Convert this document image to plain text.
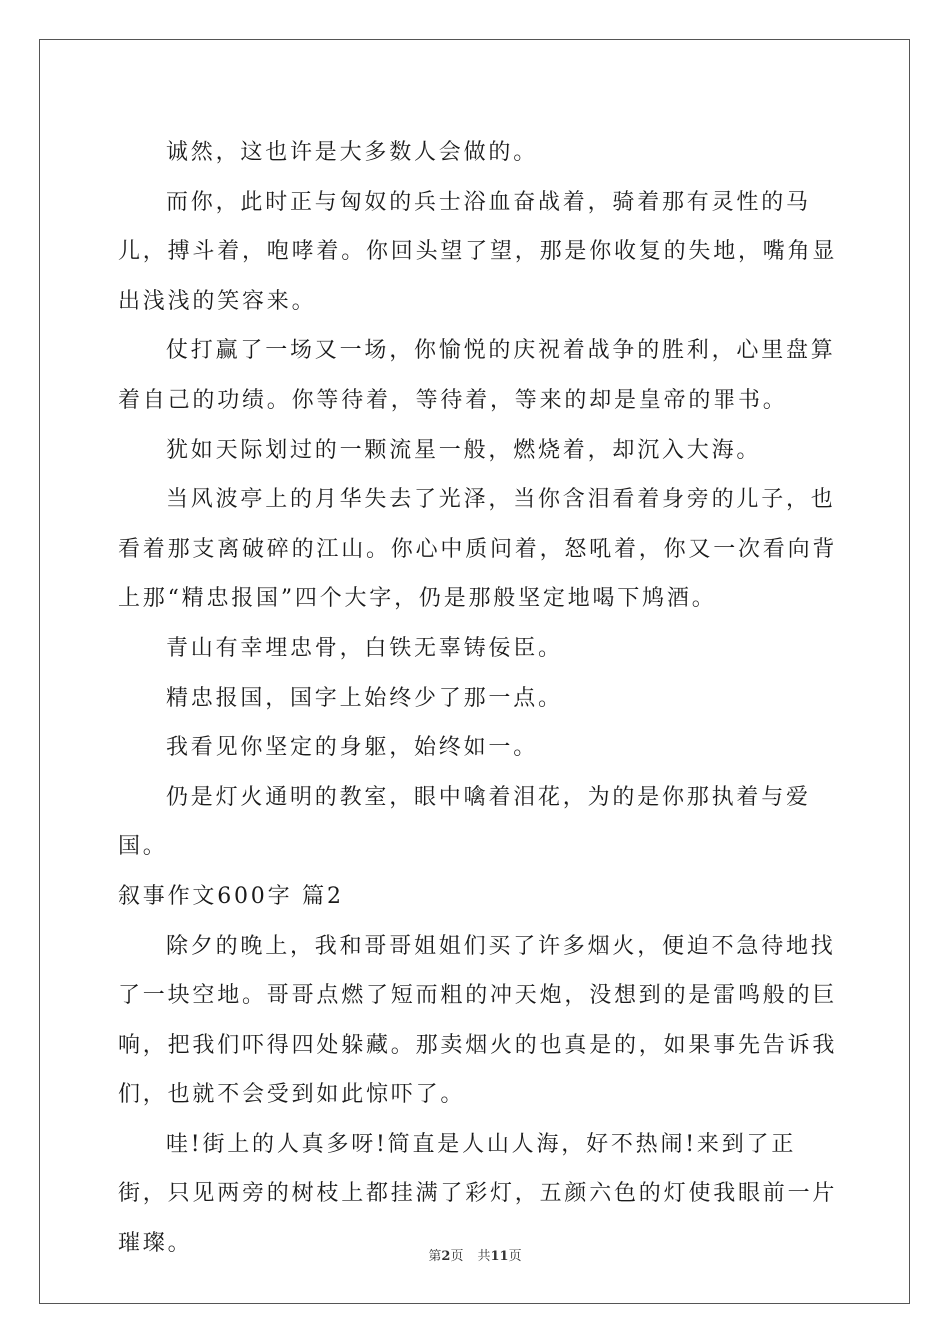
诚然，这也许是大多数人会做的。

而你，此时正与匈奴的兵士浴血奋战着，骑着那有灵性的马儿，搏斗着，咆哮着。你回头望了望，那是你收复的失地，嘴角显出浅浅的笑容来。

仗打赢了一场又一场，你愉悦的庆祝着战争的胜利，心里盘算着自己的功绩。你等待着，等待着，等来的却是皇帝的罪书。

犹如天际划过的一颗流星一般，燃烧着，却沉入大海。

当风波亭上的月华失去了光泽，当你含泪看着身旁的儿子，也看着那支离破碎的江山。你心中质问着，怒吼着，你又一次看向背上那“精忠报国”四个大字，仍是那般坚定地喝下鸠酒。

青山有幸埋忠骨，白铁无辜铸佞臣。

精忠报国，国字上始终少了那一点。

我看见你坚定的身躯，始终如一。

仍是灯火通明的教室，眼中噙着泪花，为的是你那执着与爱国。

叙事作文600字 篇2

除夕的晚上，我和哥哥姐姐们买了许多烟火，便迫不急待地找了一块空地。哥哥点燃了短而粗的冲天炮，没想到的是雷鸣般的巨响，把我们吓得四处躲藏。那卖烟火的也真是的，如果事先告诉我们，也就不会受到如此惊吓了。

哇!街上的人真多呀!简直是人山人海，好不热闹!来到了正街，只见两旁的树枝上都挂满了彩灯，五颜六色的灯使我眼前一片璀璨。

第2页 共11页
